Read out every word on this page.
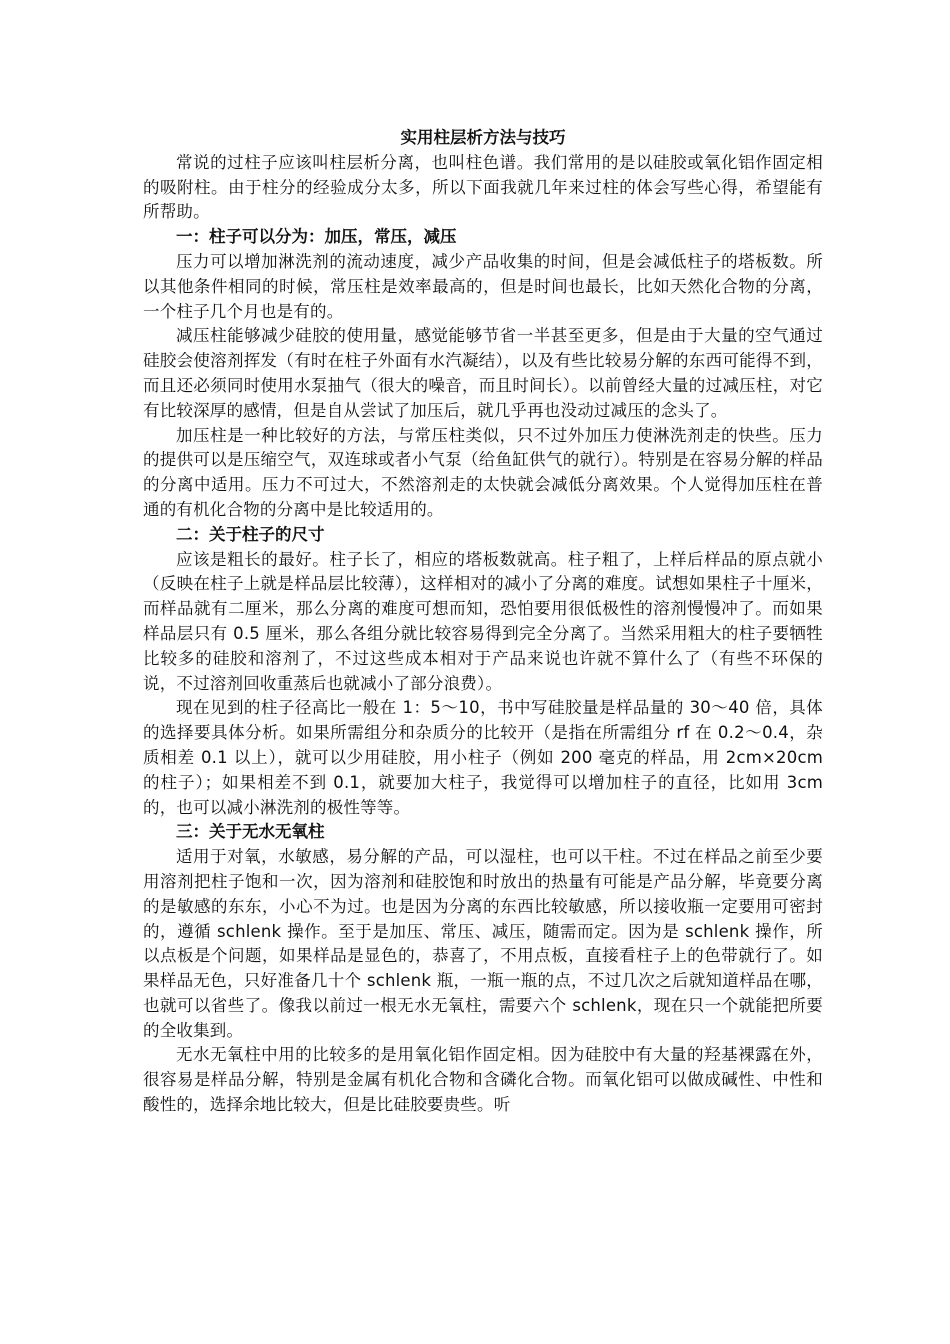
实用柱层析方法与技巧

常说的过柱子应该叫柱层析分离，也叫柱色谱。我们常用的是以硅胶或氧化铝作固定相的吸附柱。由于柱分的经验成分太多，所以下面我就几年来过柱的体会写些心得，希望能有所帮助。

一：柱子可以分为：加压，常压，减压

压力可以增加淋洗剂的流动速度，减少产品收集的时间，但是会减低柱子的塔板数。所以其他条件相同的时候，常压柱是效率最高的，但是时间也最长，比如天然化合物的分离，一个柱子几个月也是有的。

减压柱能够减少硅胶的使用量，感觉能够节省一半甚至更多，但是由于大量的空气通过硅胶会使溶剂挥发（有时在柱子外面有水汽凝结），以及有些比较易分解的东西可能得不到，而且还必须同时使用水泵抽气（很大的噪音，而且时间长）。以前曾经大量的过减压柱，对它有比较深厚的感情，但是自从尝试了加压后，就几乎再也没动过减压的念头了。

加压柱是一种比较好的方法，与常压柱类似，只不过外加压力使淋洗剂走的快些。压力的提供可以是压缩空气，双连球或者小气泵（给鱼缸供气的就行）。特别是在容易分解的样品的分离中适用。压力不可过大，不然溶剂走的太快就会减低分离效果。个人觉得加压柱在普通的有机化合物的分离中是比较适用的。

二：关于柱子的尺寸

应该是粗长的最好。柱子长了，相应的塔板数就高。柱子粗了，上样后样品的原点就小（反映在柱子上就是样品层比较薄），这样相对的减小了分离的难度。试想如果柱子十厘米，而样品就有二厘米，那么分离的难度可想而知，恐怕要用很低极性的溶剂慢慢冲了。而如果样品层只有 0.5 厘米，那么各组分就比较容易得到完全分离了。当然采用粗大的柱子要牺牲比较多的硅胶和溶剂了，不过这些成本相对于产品来说也许就不算什么了（有些不环保的说，不过溶剂回收重蒸后也就减小了部分浪费）。

现在见到的柱子径高比一般在 1：5～10，书中写硅胶量是样品量的 30～40 倍，具体的选择要具体分析。如果所需组分和杂质分的比较开（是指在所需组分 rf 在 0.2～0.4，杂质相差 0.1 以上），就可以少用硅胶，用小柱子（例如 200 毫克的样品，用 2cm×20cm 的柱子）；如果相差不到 0.1，就要加大柱子，我觉得可以增加柱子的直径，比如用 3cm 的，也可以减小淋洗剂的极性等等。

三：关于无水无氧柱

适用于对氧，水敏感，易分解的产品，可以湿柱，也可以干柱。不过在样品之前至少要用溶剂把柱子饱和一次，因为溶剂和硅胶饱和时放出的热量有可能是产品分解，毕竟要分离的是敏感的东东，小心不为过。也是因为分离的东西比较敏感，所以接收瓶一定要用可密封的，遵循 schlenk 操作。至于是加压、常压、减压，随需而定。因为是 schlenk 操作，所以点板是个问题，如果样品是显色的，恭喜了，不用点板，直接看柱子上的色带就行了。如果样品无色，只好准备几十个 schlenk 瓶，一瓶一瓶的点，不过几次之后就知道样品在哪，也就可以省些了。像我以前过一根无水无氧柱，需要六个 schlenk，现在只一个就能把所要的全收集到。

无水无氧柱中用的比较多的是用氧化铝作固定相。因为硅胶中有大量的羟基裸露在外，很容易是样品分解，特别是金属有机化合物和含磷化合物。而氧化铝可以做成碱性、中性和酸性的，选择余地比较大，但是比硅胶要贵些。听
